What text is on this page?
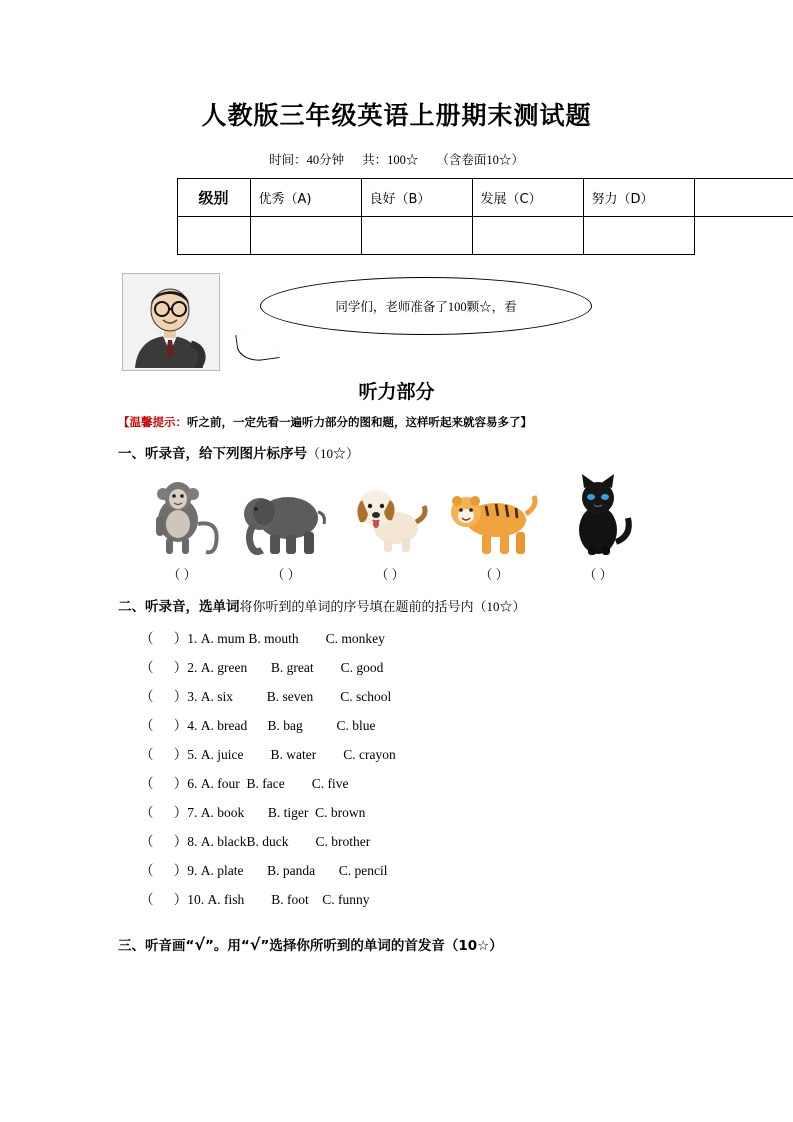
人教版三年级英语上册期末测试题
时间：40分钟 共：100☆ （含卷面10☆）
级别	优秀（A)	良好（B）	发展（C）	努力（D）	

同学们，老师准备了100颗☆，看
听力部分
【温馨提示：听之前，一定先看一遍听力部分的图和题，这样听起来就容易多了】
一、听录音，给下列图片标序号（10☆）
（ ）	（ ）	（ ）	（ ）	（ ）
二、听录音，选单词将你听到的单词的序号填在题前的括号内（10☆）
（      ）1. A. mum B. mouth        C. monkey
（      ）2. A. green       B. great        C. good
（      ）3. A. six          B. seven        C. school
（      ）4. A. bread      B. bag          C. blue
（      ）5. A. juice        B. water        C. crayon
（      ）6. A. four  B. face        C. five
（      ）7. A. book       B. tiger  C. brown
（      ）8. A. blackB. duck        C. brother
（      ）9. A. plate       B. panda       C. pencil
（      ）10. A. fish        B. foot    C. funny
三、听音画“√”。用“√”选择你所听到的单词的首发音（10☆）
